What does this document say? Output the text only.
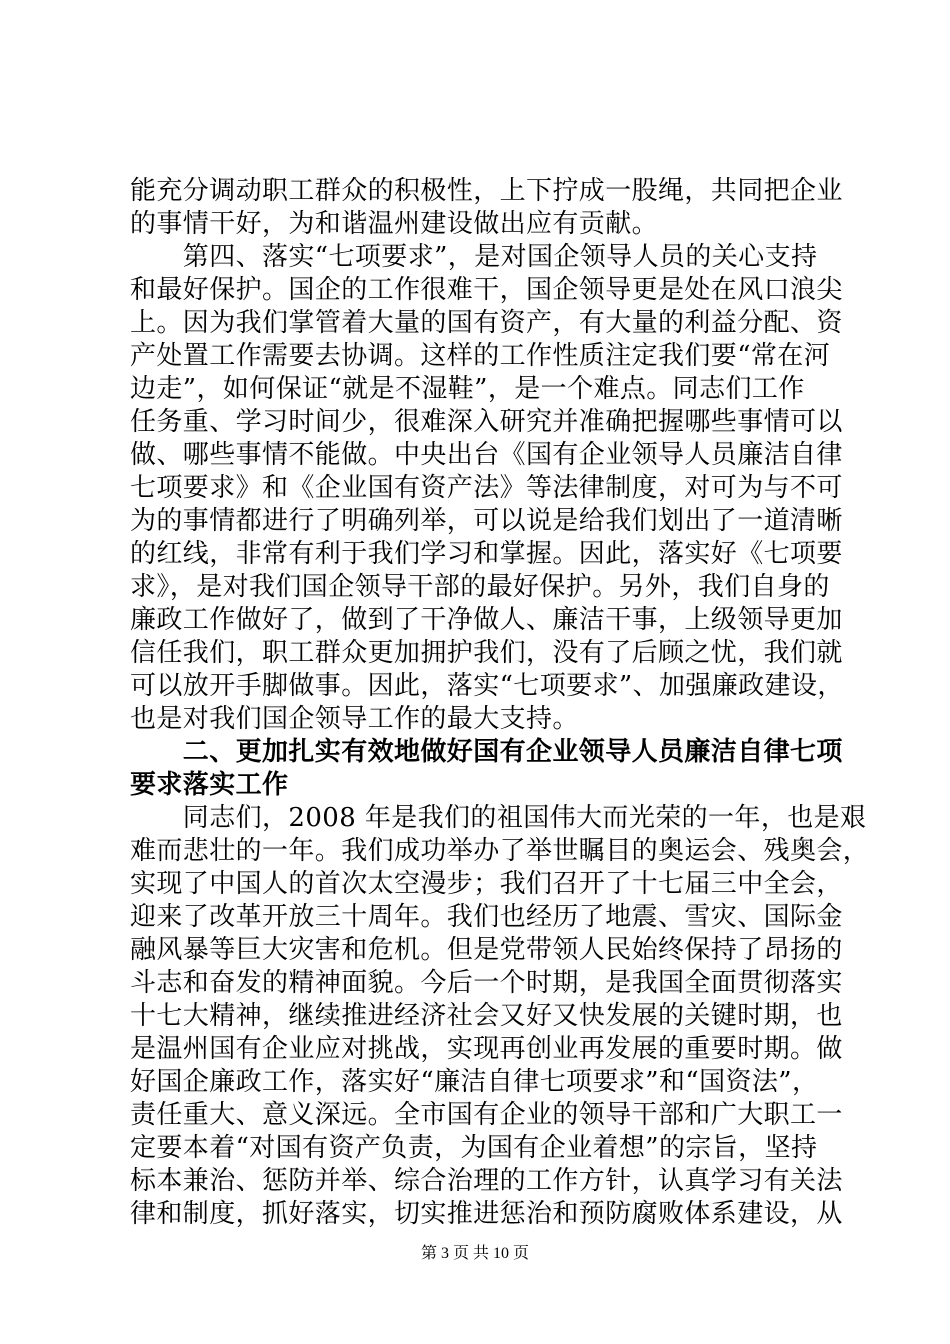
能充分调动职工群众的积极性，上下拧成一股绳，共同把企业
的事情干好，为和谐温州建设做出应有贡献。
　　第四、落实“七项要求”，是对国企领导人员的关心支持
和最好保护。国企的工作很难干，国企领导更是处在风口浪尖
上。因为我们掌管着大量的国有资产，有大量的利益分配、资
产处置工作需要去协调。这样的工作性质注定我们要“常在河
边走”，如何保证“就是不湿鞋”，是一个难点。同志们工作
任务重、学习时间少，很难深入研究并准确把握哪些事情可以
做、哪些事情不能做。中央出台《国有企业领导人员廉洁自律
七项要求》和《企业国有资产法》等法律制度，对可为与不可
为的事情都进行了明确列举，可以说是给我们划出了一道清晰
的红线，非常有利于我们学习和掌握。因此，落实好《七项要
求》，是对我们国企领导干部的最好保护。另外，我们自身的
廉政工作做好了，做到了干净做人、廉洁干事，上级领导更加
信任我们，职工群众更加拥护我们，没有了后顾之忧，我们就
可以放开手脚做事。因此，落实“七项要求”、加强廉政建设，
也是对我们国企领导工作的最大支持。
　　二、更加扎实有效地做好国有企业领导人员廉洁自律七项
要求落实工作
　　同志们，2008 年是我们的祖国伟大而光荣的一年，也是艰
难而悲壮的一年。我们成功举办了举世瞩目的奥运会、残奥会，
实现了中国人的首次太空漫步；我们召开了十七届三中全会，
迎来了改革开放三十周年。我们也经历了地震、雪灾、国际金
融风暴等巨大灾害和危机。但是党带领人民始终保持了昂扬的
斗志和奋发的精神面貌。今后一个时期，是我国全面贯彻落实
十七大精神，继续推进经济社会又好又快发展的关键时期，也
是温州国有企业应对挑战，实现再创业再发展的重要时期。做
好国企廉政工作，落实好“廉洁自律七项要求”和“国资法”，
责任重大、意义深远。全市国有企业的领导干部和广大职工一
定要本着“对国有资产负责，为国有企业着想”的宗旨，坚持
标本兼治、惩防并举、综合治理的工作方针，认真学习有关法
律和制度，抓好落实，切实推进惩治和预防腐败体系建设，从
第 3 页 共 10 页
